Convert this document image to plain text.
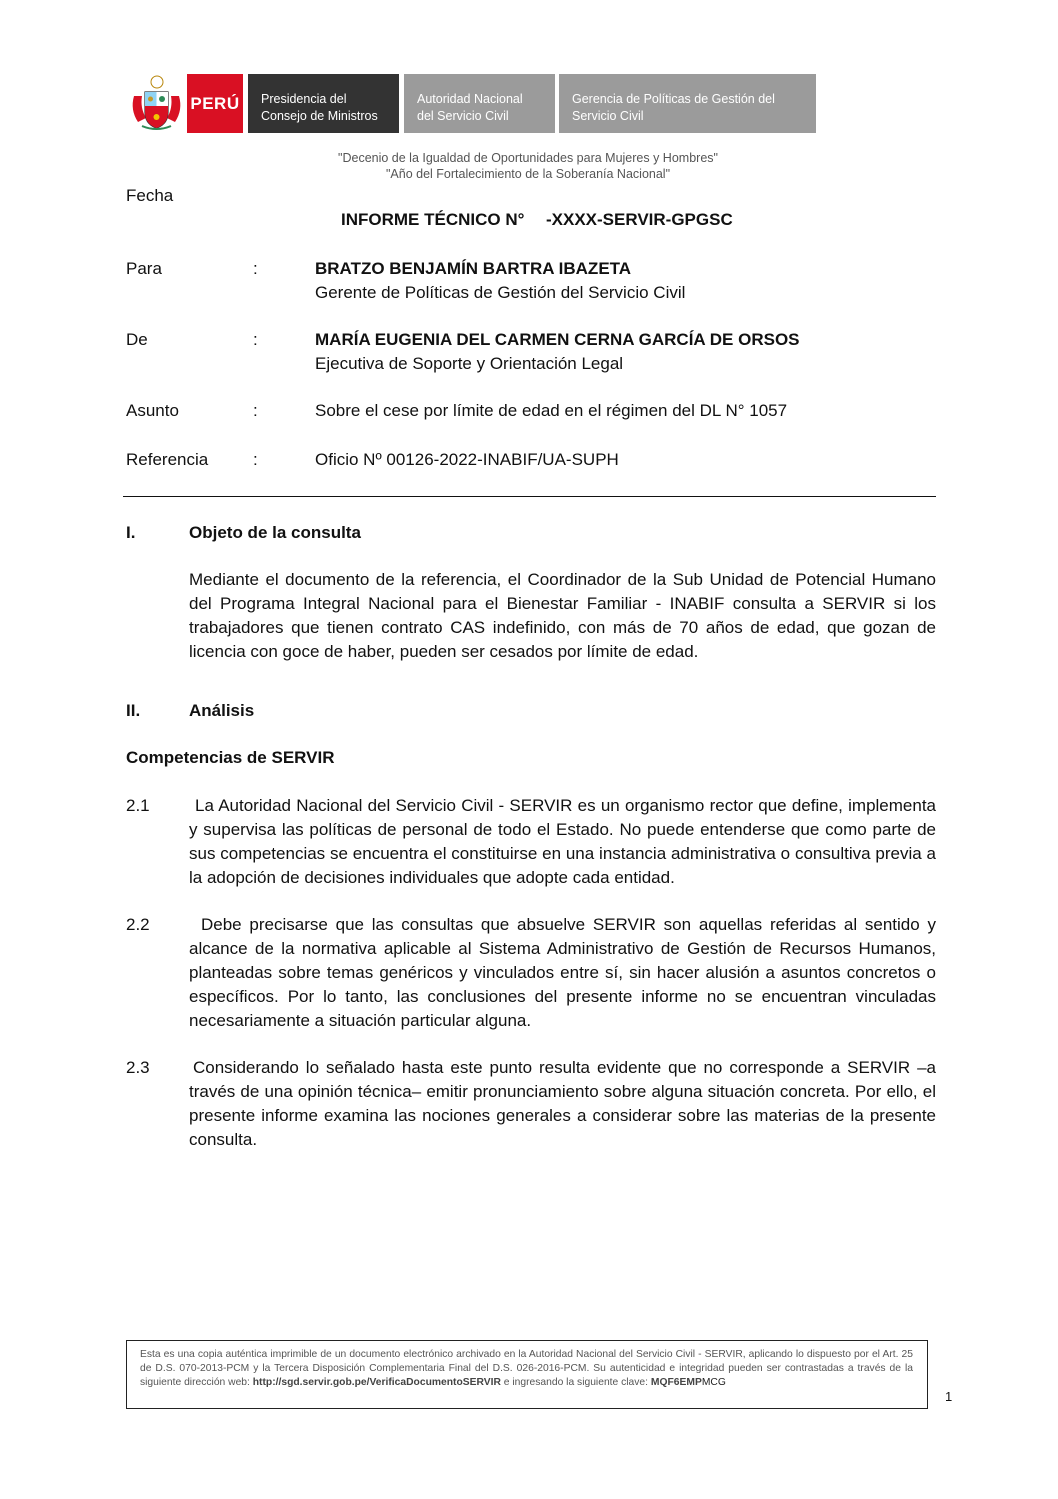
PERÚ Presidencia del
Consejo de Ministros
Autoridad Nacional
del Servicio Civil
Gerencia de Políticas de Gestión del
Servicio Civil
"Decenio de la Igualdad de Oportunidades para Mujeres y Hombres"
"Año del Fortalecimiento de la Soberanía Nacional"
Fecha
INFORME TÉCNICO N° -XXXX-SERVIR-GPGSC
Para	:	BRATZO BENJAMÍN BARTRA IBAZETA
Gerente de Políticas de Gestión del Servicio Civil
De	:	MARÍA EUGENIA DEL CARMEN CERNA GARCÍA DE ORSOS
Ejecutiva de Soporte y Orientación Legal
Asunto	:	Sobre el cese por límite de edad en el régimen del DL N° 1057
Referencia	:	Oficio Nº 00126-2022-INABIF/UA-SUPH
I.	Objeto de la consulta
Mediante el documento de la referencia, el Coordinador de la Sub Unidad de Potencial Humano del Programa Integral Nacional para el Bienestar Familiar - INABIF consulta a SERVIR si los trabajadores que tienen contrato CAS indefinido, con más de 70 años de edad, que gozan de licencia con goce de haber, pueden ser cesados por límite de edad.
II.	Análisis
Competencias de SERVIR
2.1	La Autoridad Nacional del Servicio Civil - SERVIR es un organismo rector que define, implementa y supervisa las políticas de personal de todo el Estado. No puede entenderse que como parte de sus competencias se encuentra el constituirse en una instancia administrativa o consultiva previa a la adopción de decisiones individuales que adopte cada entidad.
2.2	Debe precisarse que las consultas que absuelve SERVIR son aquellas referidas al sentido y alcance de la normativa aplicable al Sistema Administrativo de Gestión de Recursos Humanos, planteadas sobre temas genéricos y vinculados entre sí, sin hacer alusión a asuntos concretos o específicos. Por lo tanto, las conclusiones del presente informe no se encuentran vinculadas necesariamente a situación particular alguna.
2.3	Considerando lo señalado hasta este punto resulta evidente que no corresponde a SERVIR –a través de una opinión técnica– emitir pronunciamiento sobre alguna situación concreta. Por ello, el presente informe examina las nociones generales a considerar sobre las materias de la presente consulta.
Esta es una copia auténtica imprimible de un documento electrónico archivado en la Autoridad Nacional del Servicio Civil - SERVIR, aplicando lo dispuesto por el Art. 25 de D.S. 070-2013-PCM y la Tercera Disposición Complementaria Final del D.S. 026-2016-PCM. Su autenticidad e integridad pueden ser contrastadas a través de la siguiente dirección web: http://sgd.servir.gob.pe/VerificaDocumentoSERVIR e ingresando la siguiente clave: MQF6EMPMCG
1
